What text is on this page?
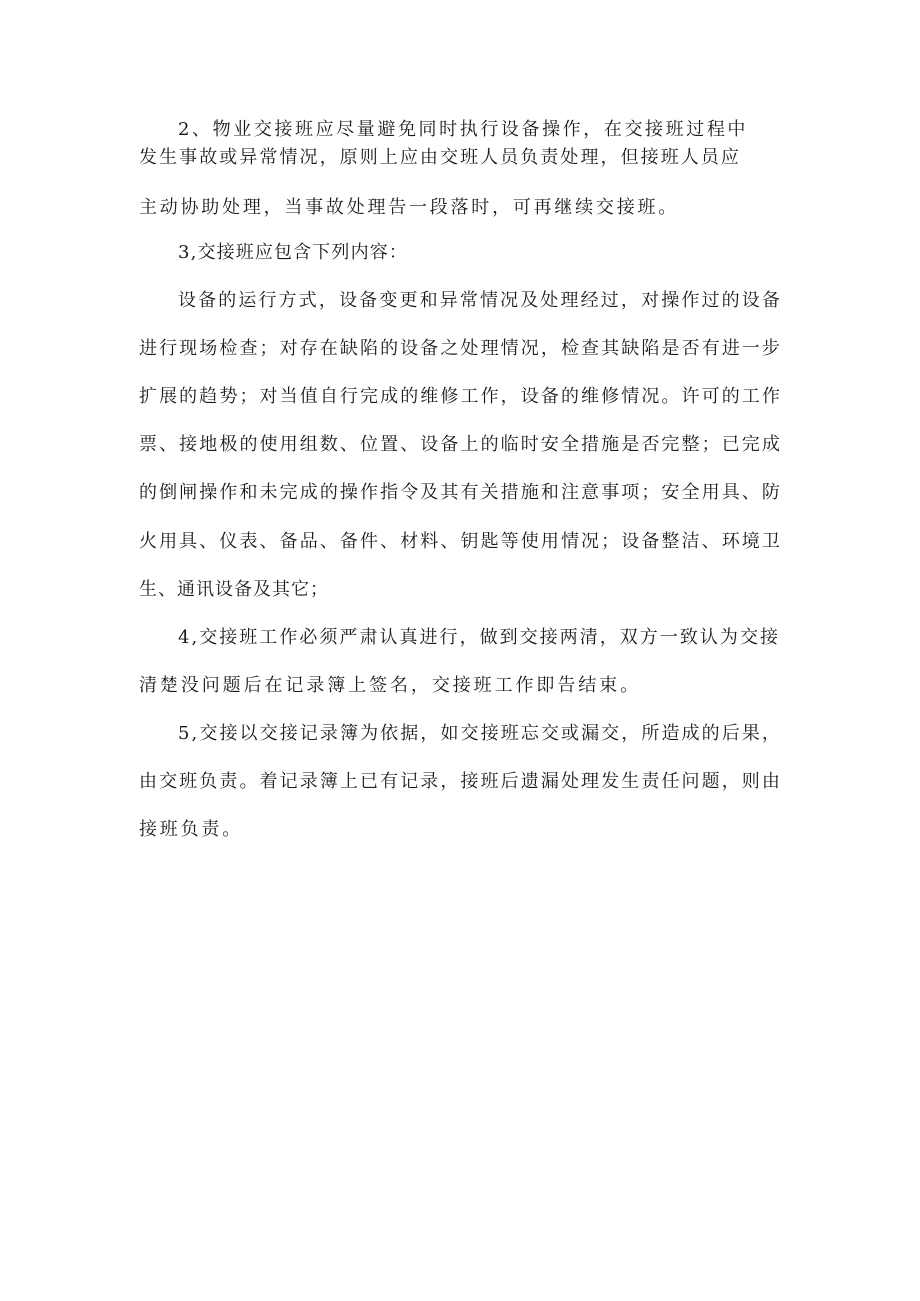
2、物业交接班应尽量避免同时执行设备操作，在交接班过程中
发生事故或异常情况，原则上应由交班人员负责处理，但接班人员应
主动协助处理，当事故处理告一段落时，可再继续交接班。
3,交接班应包含下列内容：
设备的运行方式，设备变更和异常情况及处理经过，对操作过的设备
进行现场检查；对存在缺陷的设备之处理情况，检查其缺陷是否有进一步
扩展的趋势；对当值自行完成的维修工作，设备的维修情况。许可的工作
票、接地极的使用组数、位置、设备上的临时安全措施是否完整；已完成
的倒闸操作和未完成的操作指令及其有关措施和注意事项；安全用具、防
火用具、仪表、备品、备件、材料、钥匙等使用情况；设备整洁、环境卫
生、通讯设备及其它；
4,交接班工作必须严肃认真进行，做到交接两清，双方一致认为交接
清楚没问题后在记录簿上签名，交接班工作即告结束。
5,交接以交接记录簿为依据，如交接班忘交或漏交，所造成的后果，
由交班负责。着记录簿上已有记录，接班后遗漏处理发生责任问题，则由
接班负责。
